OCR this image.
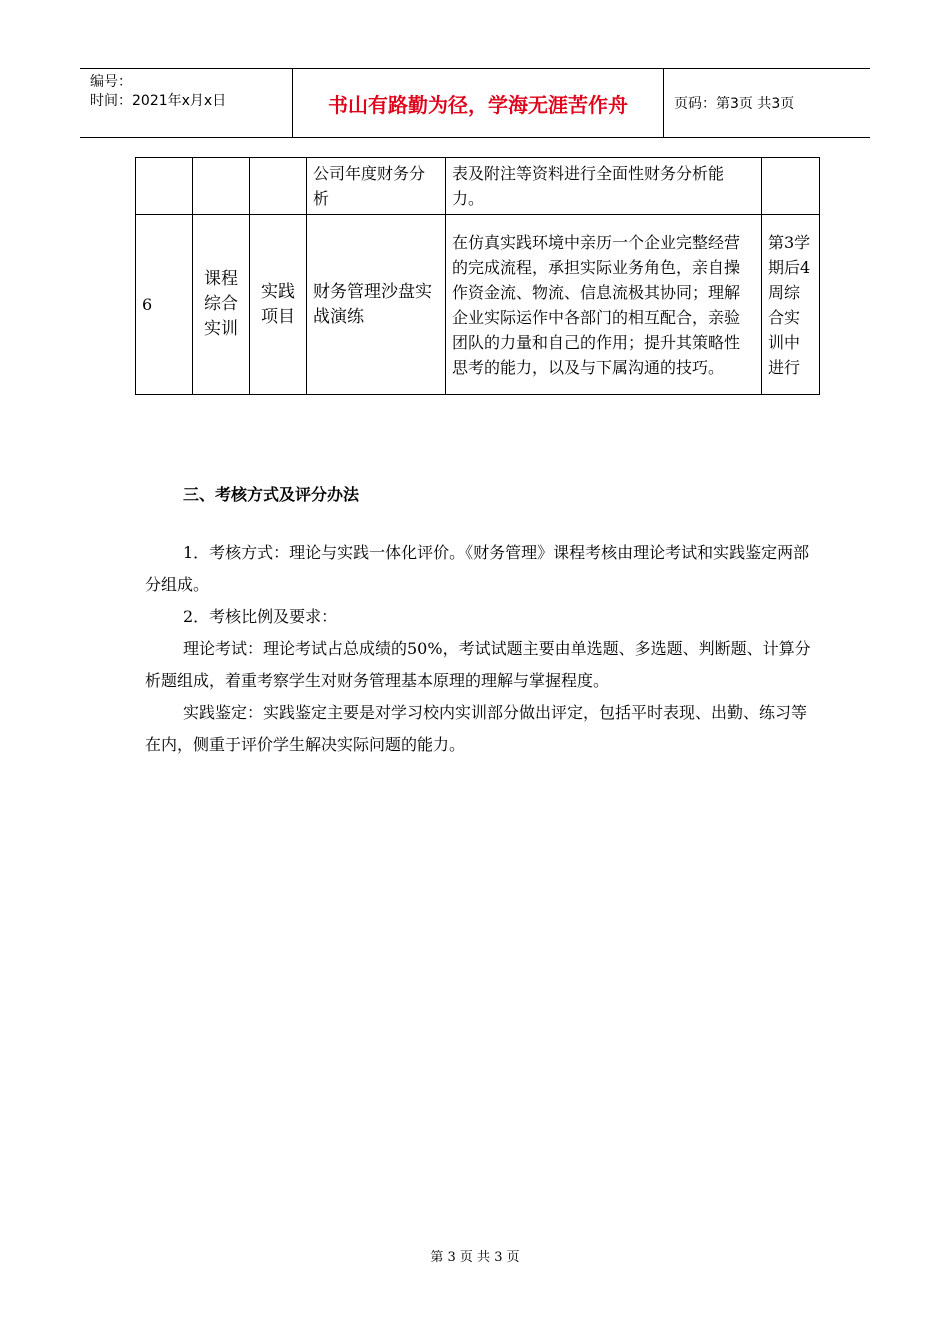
编号：
时间：2021年x月x日	书山有路勤为径，学海无涯苦作舟	页码：第3页 共3页
			公司年度财务分析	表及附注等资料进行全面性财务分析能力。	
6	课程综合实训	实践项目	财务管理沙盘实战演练	在仿真实践环境中亲历一个企业完整经营的完成流程，承担实际业务角色，亲自操作资金流、物流、信息流极其协同；理解企业实际运作中各部门的相互配合，亲验团队的力量和自己的作用；提升其策略性思考的能力，以及与下属沟通的技巧。	第3学期后4周综合实训中进行
三、考核方式及评分办法

1．考核方式：理论与实践一体化评价。《财务管理》课程考核由理论考试和实践鉴定两部分组成。

2．考核比例及要求：

理论考试：理论考试占总成绩的50%，考试试题主要由单选题、多选题、判断题、计算分析题组成，着重考察学生对财务管理基本原理的理解与掌握程度。

实践鉴定：实践鉴定主要是对学习校内实训部分做出评定，包括平时表现、出勤、练习等在内，侧重于评价学生解决实际问题的能力。

第 3 页 共 3 页
